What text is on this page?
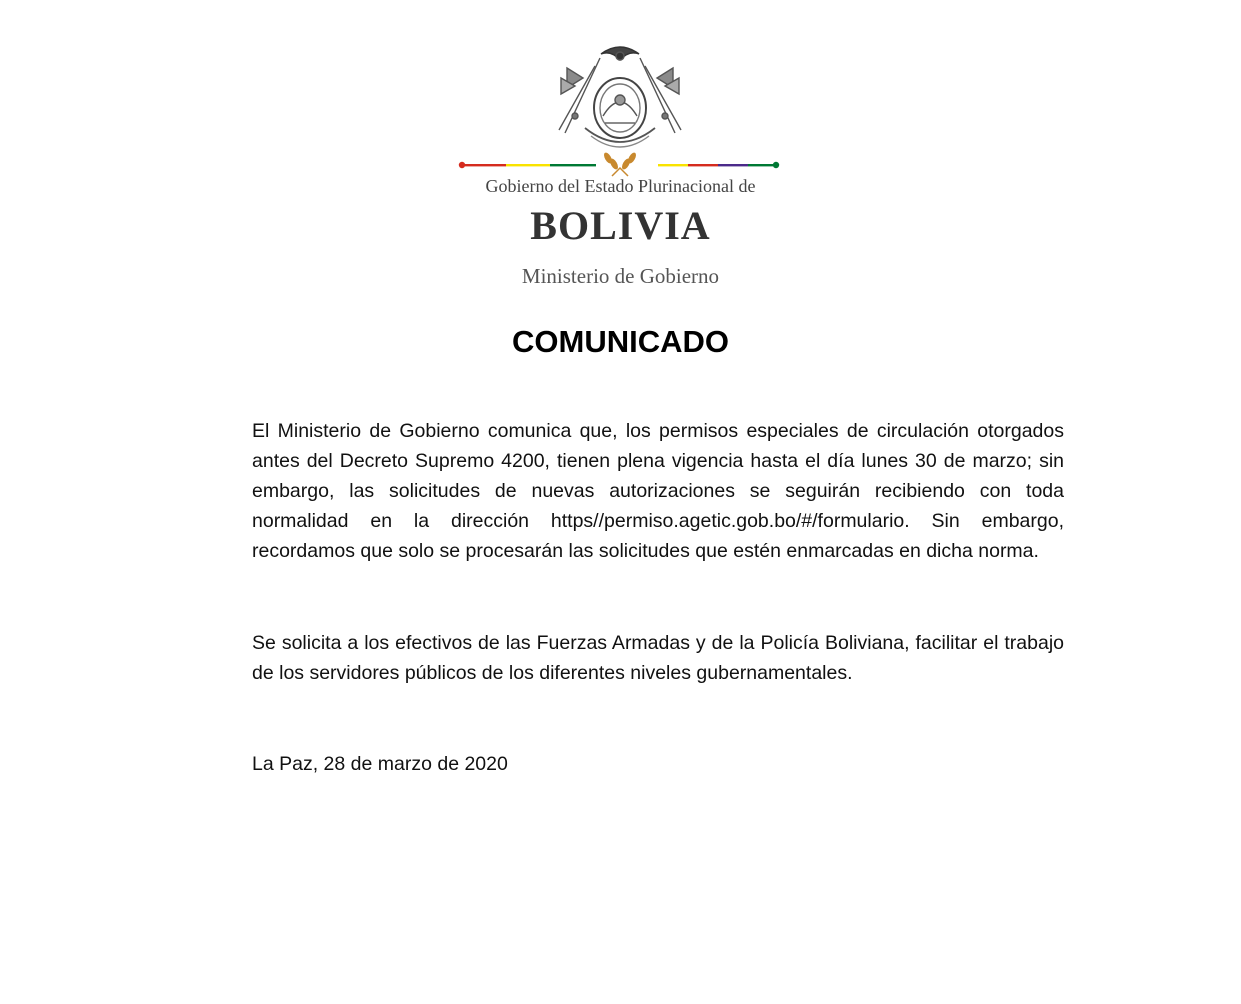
Gobierno del Estado Plurinacional de
BOLIVIA
Ministerio de Gobierno
COMUNICADO

El Ministerio de Gobierno comunica que, los permisos especiales de circulación otorgados antes del Decreto Supremo 4200, tienen plena vigencia hasta el día lunes 30 de marzo; sin embargo, las solicitudes de nuevas autorizaciones se seguirán recibiendo con toda normalidad en la dirección https//permiso.agetic.gob.bo/#/formulario. Sin embargo, recordamos que solo se procesarán las solicitudes que estén enmarcadas en dicha norma.

Se solicita a los efectivos de las Fuerzas Armadas y de la Policía Boliviana, facilitar el trabajo de los servidores públicos de los diferentes niveles gubernamentales.

La Paz, 28 de marzo de 2020
